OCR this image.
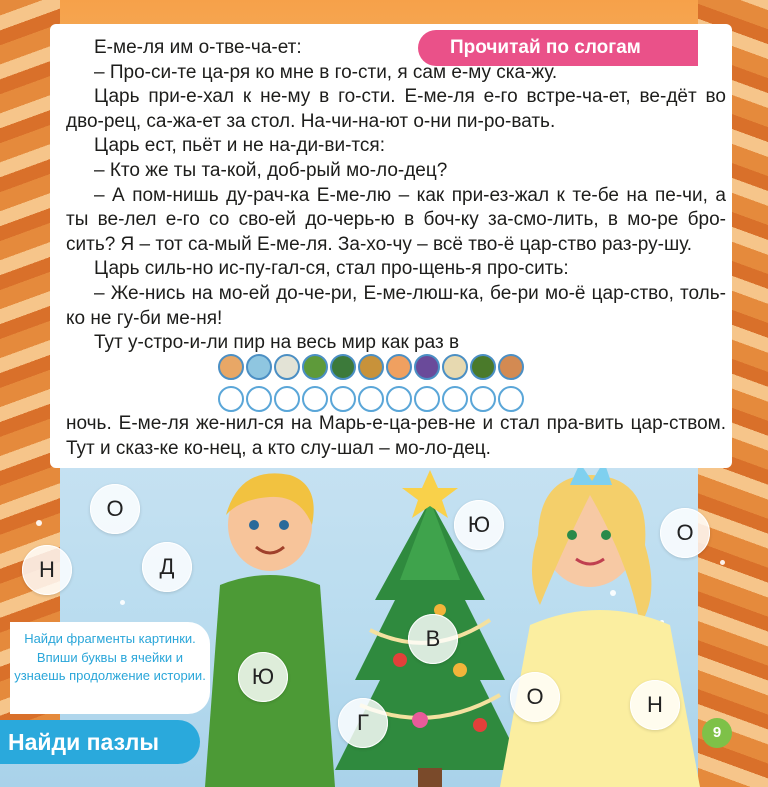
Прочитай по слогам

Е-ме-ля им о-тве-ча-ет:

– Про-си-те ца-ря ко мне в го-сти, я сам е-му ска-жу.

Царь при-е-хал к не-му в го-сти. Е-ме-ля е-го встре-ча-ет, ве-дёт во дво-рец, са-жа-ет за стол. На-чи-на-ют о-ни пи-ро-вать.

Царь ест, пьёт и не на-ди-ви-тся:

– Кто же ты та-кой, доб-рый мо-ло-дец?

– А пом-нишь ду-рач-ка Е-ме-лю – как при-ез-жал к те-бе на пе-чи, а ты ве-лел е-го со сво-ей до-черь-ю в боч-ку за-смо-лить, в мо-ре бро-сить? Я – тот са-мый Е-ме-ля. За-хо-чу – всё тво-ё цар-ство раз-ру-шу.

Царь силь-но ис-пу-гал-ся, стал про-щень-я про-сить:

– Же-нись на мо-ей до-че-ри, Е-ме-люш-ка, бе-ри мо-ё цар-ство, толь-ко не гу-би ме-ня!

Тут у-стро-и-ли пир на весь мир как раз в

ночь. Е-ме-ля же-нил-ся на Марь-е-ца-рев-не и стал пра-вить цар-ством. Тут и сказ-ке ко-нец, а кто слу-шал – мо-ло-дец.

О
Н	Д
Ю	О
В
Ю
Г
О	Н
Найди фрагменты картинки. Впиши буквы в ячейки и узнаешь продолжение истории.
Найди пазлы	9
